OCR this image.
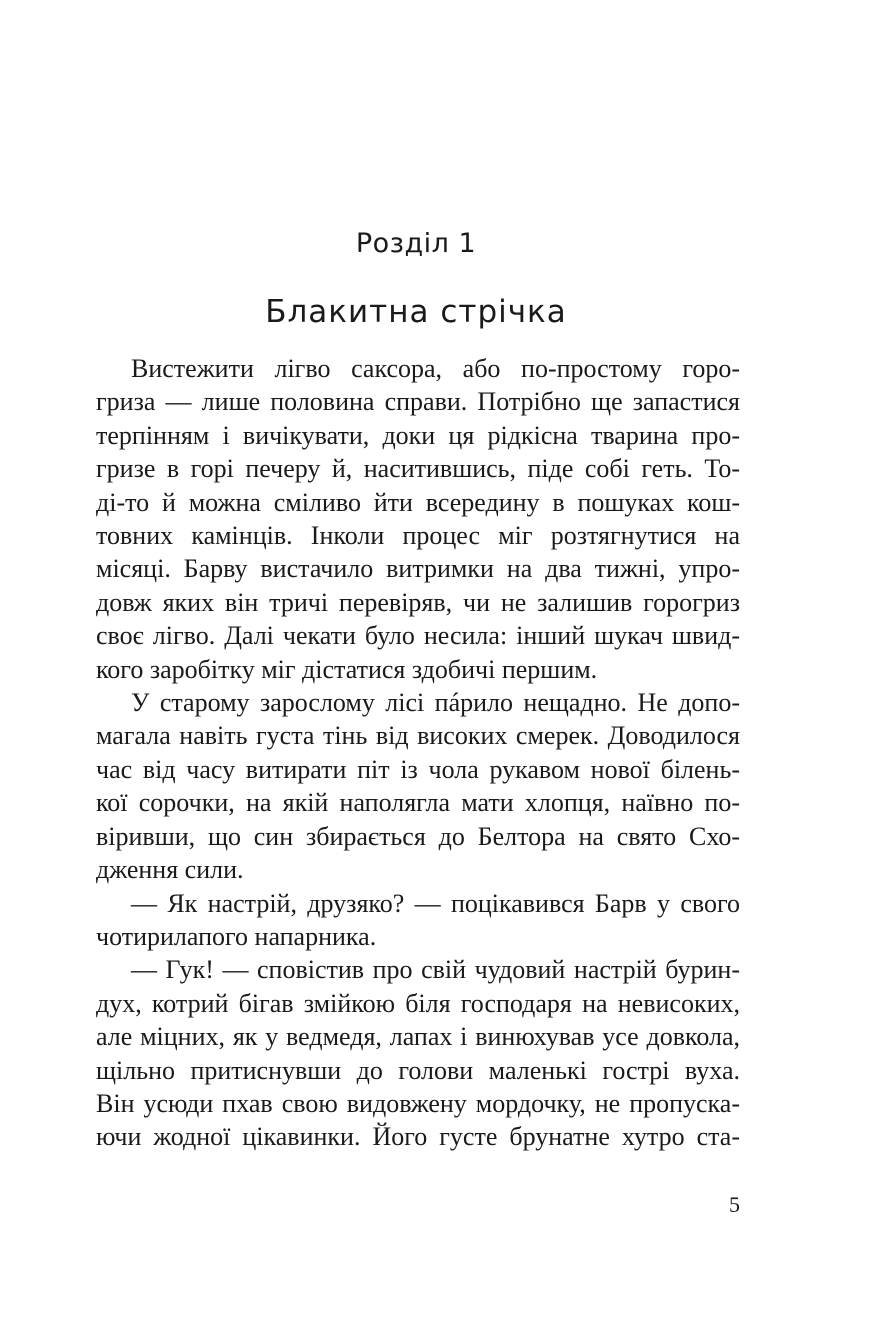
Розділ 1
Блакитна стрічка
Вистежити лігво саксора, або по-простому горо-
гриза — лише половина справи. Потрібно ще запастися
терпінням і вичікувати, доки ця рідкісна тварина про-
гризе в горі печеру й, наситившись, піде собі геть. То-
ді-то й можна сміливо йти всередину в пошуках кош-
товних камінців. Інколи процес міг розтягнутися на
місяці. Барву вистачило витримки на два тижні, упро-
довж яких він тричі перевіряв, чи не залишив горогриз
своє лігво. Далі чекати було несила: інший шукач швид-
кого заробітку міг дістатися здобичі першим.
У старому зарослому лісі пáрило нещадно. Не допо-
магала навіть густа тінь від високих смерек. Доводилося
час від часу витирати піт із чола рукавом нової білень-
кої сорочки, на якій наполягла мати хлопця, наївно по-
віривши, що син збирається до Белтора на свято Схо-
дження сили.
— Як настрій, друзяко? — поцікавився Барв у свого
чотирилапого напарника.
— Гук! — сповістив про свій чудовий настрій бурин-
дух, котрий бігав змійкою біля господаря на невисоких,
але міцних, як у ведмедя, лапах і винюхував усе довкола,
щільно притиснувши до голови маленькі гострі вуха.
Він усюди пхав свою видовжену мордочку, не пропуска-
ючи жодної цікавинки. Його густе брунатне хутро ста-
5
